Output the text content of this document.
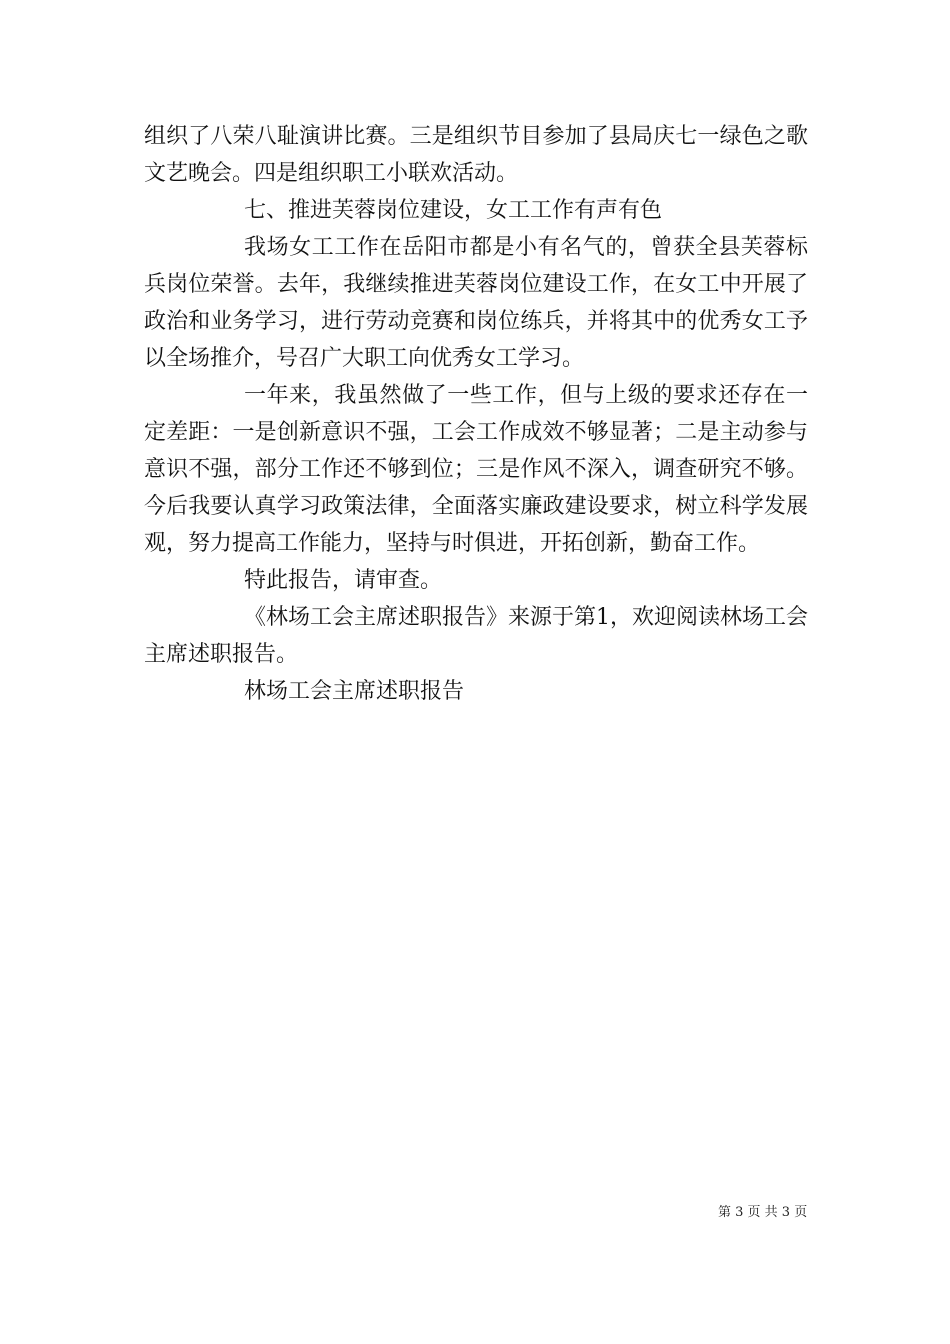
组织了八荣八耻演讲比赛。三是组织节目参加了县局庆七一绿色之歌文艺晚会。四是组织职工小联欢活动。

七、推进芙蓉岗位建设，女工工作有声有色

我场女工工作在岳阳市都是小有名气的，曾获全县芙蓉标兵岗位荣誉。去年，我继续推进芙蓉岗位建设工作，在女工中开展了政治和业务学习，进行劳动竞赛和岗位练兵，并将其中的优秀女工予以全场推介，号召广大职工向优秀女工学习。

一年来，我虽然做了一些工作，但与上级的要求还存在一定差距：一是创新意识不强，工会工作成效不够显著；二是主动参与意识不强，部分工作还不够到位；三是作风不深入，调查研究不够。今后我要认真学习政策法律，全面落实廉政建设要求，树立科学发展观，努力提高工作能力，坚持与时俱进，开拓创新，勤奋工作。

特此报告，请审查。

《林场工会主席述职报告》来源于第1，欢迎阅读林场工会主席述职报告。

林场工会主席述职报告

第 3 页 共 3 页
